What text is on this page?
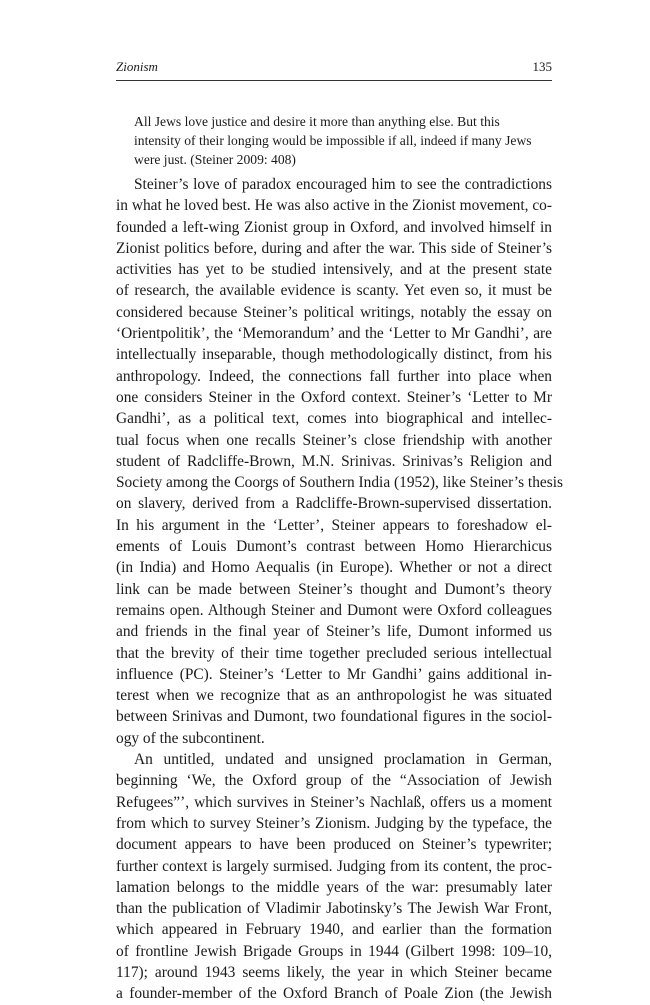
Zionism	135
All Jews love justice and desire it more than anything else. But this
intensity of their longing would be impossible if all, indeed if many Jews
were just. (Steiner 2009: 408)
Steiner’s love of paradox encouraged him to see the contradictions
in what he loved best. He was also active in the Zionist movement, co-
founded a left-wing Zionist group in Oxford, and involved himself in
Zionist politics before, during and after the war. This side of Steiner’s
activities has yet to be studied intensively, and at the present state
of research, the available evidence is scanty. Yet even so, it must be
considered because Steiner’s political writings, notably the essay on
‘Orientpolitik’, the ‘Memorandum’ and the ‘Letter to Mr Gandhi’, are
intellectually inseparable, though methodologically distinct, from his
anthropology. Indeed, the connections fall further into place when
one considers Steiner in the Oxford context. Steiner’s ‘Letter to Mr
Gandhi’, as a political text, comes into biographical and intellec-
tual focus when one recalls Steiner’s close friendship with another
student of Radcliffe-Brown, M.N. Srinivas. Srinivas’s Religion and
Society among the Coorgs of Southern India (1952), like Steiner’s thesis
on slavery, derived from a Radcliffe-Brown-supervised dissertation.
In his argument in the ‘Letter’, Steiner appears to foreshadow el-
ements of Louis Dumont’s contrast between Homo Hierarchicus
(in India) and Homo Aequalis (in Europe). Whether or not a direct
link can be made between Steiner’s thought and Dumont’s theory
remains open. Although Steiner and Dumont were Oxford colleagues
and friends in the final year of Steiner’s life, Dumont informed us
that the brevity of their time together precluded serious intellectual
influence (PC). Steiner’s ‘Letter to Mr Gandhi’ gains additional in-
terest when we recognize that as an anthropologist he was situated
between Srinivas and Dumont, two foundational figures in the sociol-
ogy of the subcontinent.
An untitled, undated and unsigned proclamation in German,
beginning ‘We, the Oxford group of the “Association of Jewish
Refugees”’, which survives in Steiner’s Nachlaß, offers us a moment
from which to survey Steiner’s Zionism. Judging by the typeface, the
document appears to have been produced on Steiner’s typewriter;
further context is largely surmised. Judging from its content, the proc-
lamation belongs to the middle years of the war: presumably later
than the publication of Vladimir Jabotinsky’s The Jewish War Front,
which appeared in February 1940, and earlier than the formation
of frontline Jewish Brigade Groups in 1944 (Gilbert 1998: 109–10,
117); around 1943 seems likely, the year in which Steiner became
a founder-member of the Oxford Branch of Poale Zion (the Jewish
